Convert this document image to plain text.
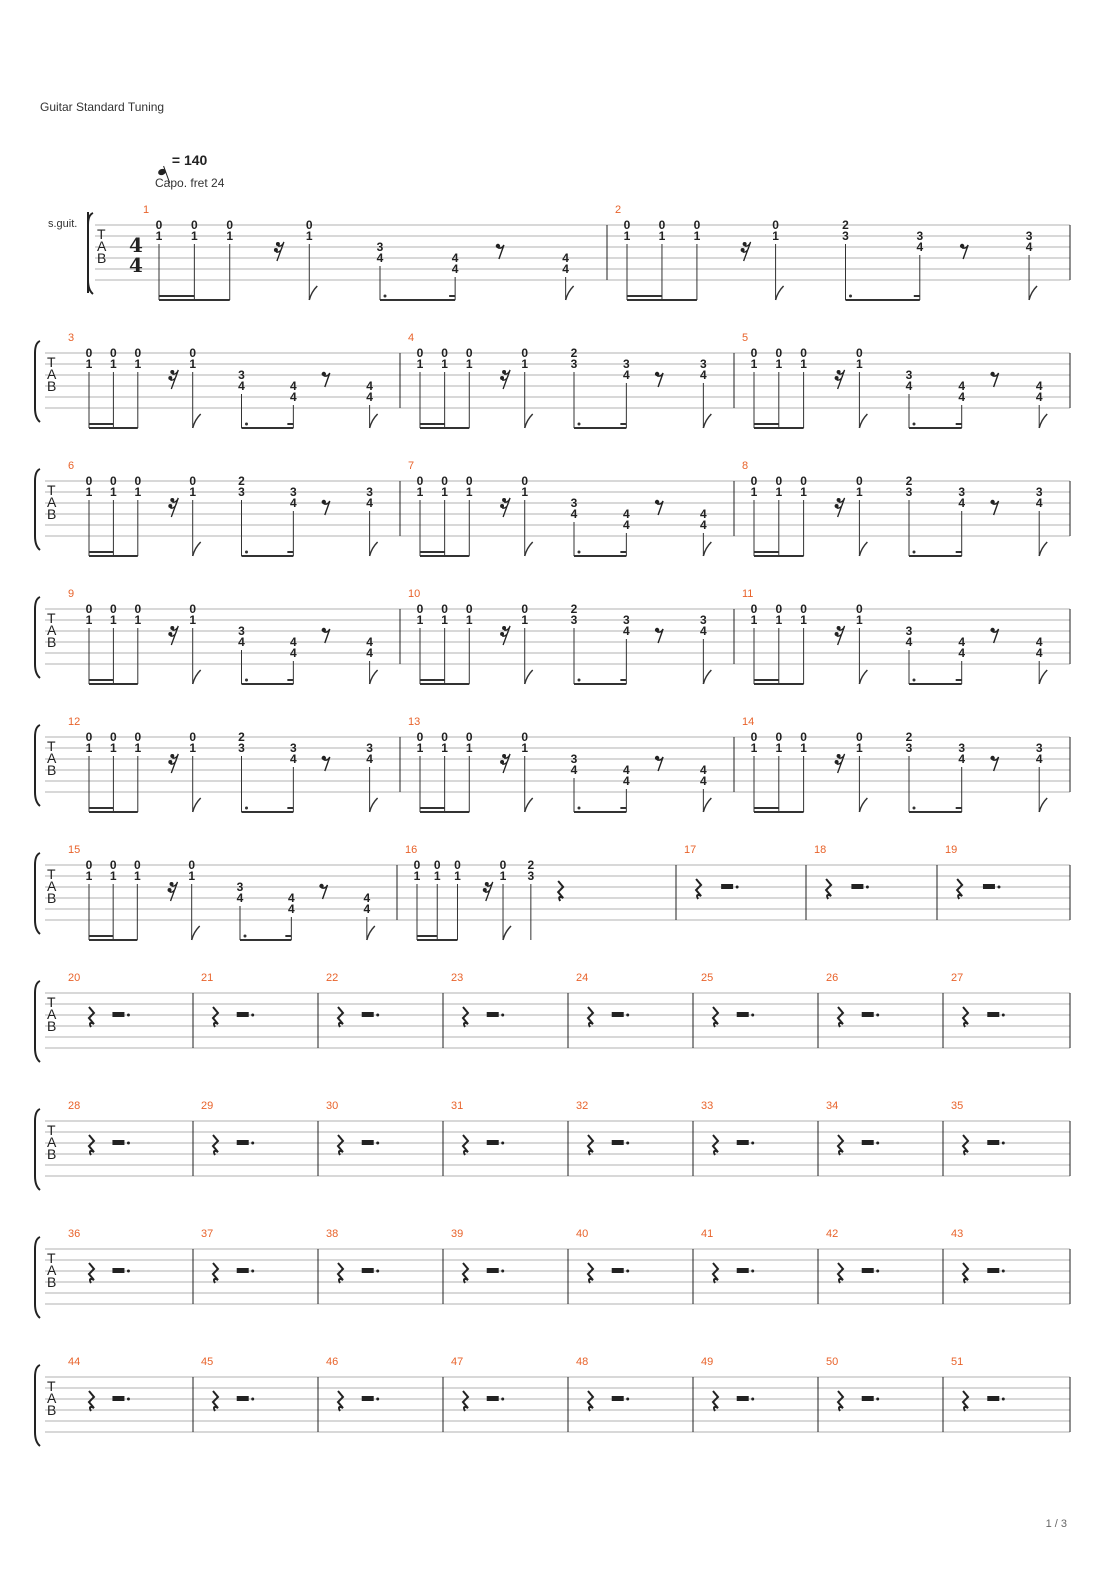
Guitar Standard Tuning
= 140
Capo. fret 24
s.guit.
T
A
B
4
4
1
0
1
0
1
0
1
0
1
3
4	4
4
4
4
2
0
1
0
1
0
1
0
1
2
3	3
4
3
4
T
A
B
3
0
1
0
1
0
1
0
1
3
4	4
4
4
4
4
0
1
0
1
0
1
0
1
2
3	3
4
3
4
5
0
1
0
1
0
1
0
1
3
4	4
4
4
4
T
A
B
6
0
1
0
1
0
1
0
1
2
3	3
4
3
4
7
0
1
0
1
0
1
0
1
3
4	4
4
4
4
8
0
1
0
1
0
1
0
1
2
3	3
4
3
4
T
A
B
9
0
1
0
1
0
1
0
1
3
4	4
4
4
4
10
0
1
0
1
0
1
0
1
2
3	3
4
3
4
11
0
1
0
1
0
1
0
1
3
4	4
4
4
4
T
A
B
12
0
1
0
1
0
1
0
1
2
3	3
4
3
4
13
0
1
0
1
0
1
0
1
3
4	4
4
4
4
14
0
1
0
1
0
1
0
1
2
3	3
4
3
4
T
A
B
15
0
1
0
1
0
1
0
1
3
4	4
4
4
4
16
0
1
0
1
0
1
0
1
2
3
17	18	19
T
A
B
20	21	22	23	24	25	26	27
T
A
B
28	29	30	31	32	33	34	35
T
A
B
36	37	38	39	40	41	42	43
T
A
B
44	45	46	47	48	49	50	51
1 / 3
